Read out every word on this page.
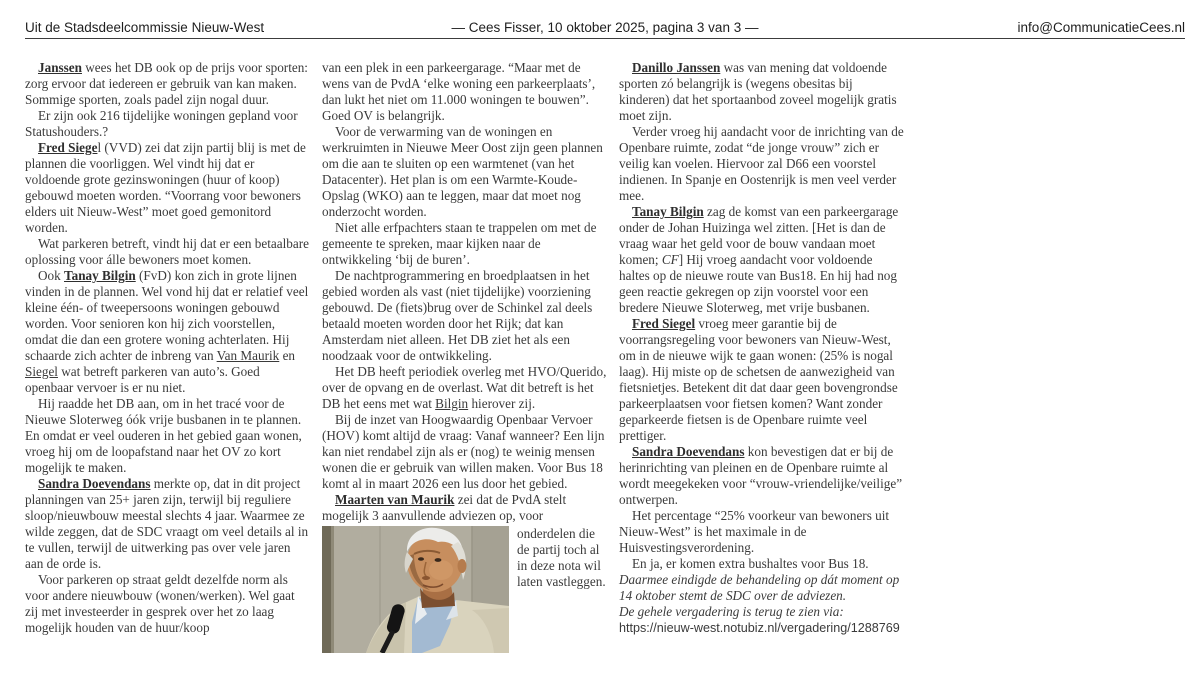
Uit de Stadsdeelcommissie Nieuw-West	— Cees Fisser, 10 oktober 2025, pagina 3 van 3 —	info@CommunicatieCees.nl

Janssen wees het DB ook op de prijs voor sporten: zorg ervoor dat iedereen er gebruik van kan maken. Sommige sporten, zoals padel zijn nogal duur.

Er zijn ook 216 tijdelijke woningen gepland voor Statushouders.?

Fred Siegel (VVD) zei dat zijn partij blij is met de plannen die voorliggen. Wel vindt hij dat er voldoende grote gezinswoningen (huur of koop) gebouwd moeten worden. “Voorrang voor bewoners elders uit Nieuw-West” moet goed gemonitord worden.

Wat parkeren betreft, vindt hij dat er een betaalbare oplossing voor álle bewoners moet komen.

Ook Tanay Bilgin (FvD) kon zich in grote lijnen vinden in de plannen. Wel vond hij dat er relatief veel kleine één- of tweepersoons woningen gebouwd worden. Voor senioren kon hij zich voorstellen, omdat die dan een grotere woning achterlaten. Hij schaarde zich achter de inbreng van Van Maurik en Siegel wat betreft parkeren van auto’s. Goed openbaar vervoer is er nu niet.

Hij raadde het DB aan, om in het tracé voor de Nieuwe Sloterweg óók vrije busbanen in te plannen. En omdat er veel ouderen in het gebied gaan wonen, vroeg hij om de loopafstand naar het OV zo kort mogelijk te maken.

Sandra Doevendans merkte op, dat in dit project planningen van 25+ jaren zijn, terwijl bij reguliere sloop/nieuwbouw meestal slechts 4 jaar. Waarmee ze wilde zeggen, dat de SDC vraagt om veel details al in te vullen, terwijl de uitwerking pas over vele jaren aan de orde is.

Voor parkeren op straat geldt dezelfde norm als voor andere nieuwbouw (wonen/werken). Wel gaat zij met investeerder in gesprek over het zo laag mogelijk houden van de huur/koop

van een plek in een parkeergarage. “Maar met de wens van de PvdA ‘elke woning een parkeerplaats’, dan lukt het niet om 11.000 woningen te bouwen”. Goed OV is belangrijk.

Voor de verwarming van de woningen en werkruimten in Nieuwe Meer Oost zijn geen plannen om die aan te sluiten op een warmtenet (van het Datacenter). Het plan is om een Warmte-Koude-Opslag (WKO) aan te leggen, maar dat moet nog onderzocht worden.

Niet alle erfpachters staan te trappelen om met de gemeente te spreken, maar kijken naar de ontwikkeling ‘bij de buren’.

De nachtprogrammering en broedplaatsen in het gebied worden als vast (niet tijdelijke) voorziening gebouwd. De (fiets)brug over de Schinkel zal deels betaald moeten worden door het Rijk; dat kan Amsterdam niet alleen. Het DB ziet het als een noodzaak voor de ontwikkeling.

Het DB heeft periodiek overleg met HVO/Querido, over de opvang en de overlast. Wat dit betreft is het DB het eens met wat Bilgin hierover zij.

Bij de inzet van Hoogwaardig Openbaar Vervoer (HOV) komt altijd de vraag: Vanaf wanneer? Een lijn kan niet rendabel zijn als er (nog) te weinig mensen wonen die er gebruik van willen maken. Voor Bus 18 komt al in maart 2026 een lus door het gebied.

Maarten van Maurik zei dat de PvdA stelt mogelijk 3 aanvullende adviezen op, voor

onderdelen die de partij toch al in deze nota wil laten vastleggen.

Danillo Janssen was van mening dat voldoende sporten zó belangrijk is (wegens obesitas bij kinderen) dat het sportaanbod zoveel mogelijk gratis moet zijn.

Verder vroeg hij aandacht voor de inrichting van de Openbare ruimte, zodat “de jonge vrouw” zich er veilig kan voelen. Hiervoor zal D66 een voorstel indienen. In Spanje en Oostenrijk is men veel verder mee.

Tanay Bilgin zag de komst van een parkeergarage onder de Johan Huizinga wel zitten. [Het is dan de vraag waar het geld voor de bouw vandaan moet komen; CF] Hij vroeg aandacht voor voldoende haltes op de nieuwe route van Bus18. En hij had nog geen reactie gekregen op zijn voorstel voor een bredere Nieuwe Sloterweg, met vrije busbanen.

Fred Siegel vroeg meer garantie bij de voorrangsregeling voor bewoners van Nieuw-West, om in de nieuwe wijk te gaan wonen: (25% is nogal laag). Hij miste op de schetsen de aanwezigheid van fietsnietjes. Betekent dit dat daar geen bovengrondse parkeerplaatsen voor fietsen komen? Want zonder geparkeerde fietsen is de Openbare ruimte veel prettiger.

Sandra Doevendans kon bevestigen dat er bij de herinrichting van pleinen en de Openbare ruimte al wordt meegekeken voor “vrouw-vriendelijke/veilige” ontwerpen.

Het percentage “25% voorkeur van bewoners uit Nieuw-West” is het maximale in de Huisvestingsverordening.

En ja, er komen extra bushaltes voor Bus 18.

Daarmee eindigde de behandeling op dát moment op 14 oktober stemt de SDC over de adviezen.

De gehele vergadering is terug te zien via:

https://nieuw-west.notubiz.nl/vergadering/1288769
